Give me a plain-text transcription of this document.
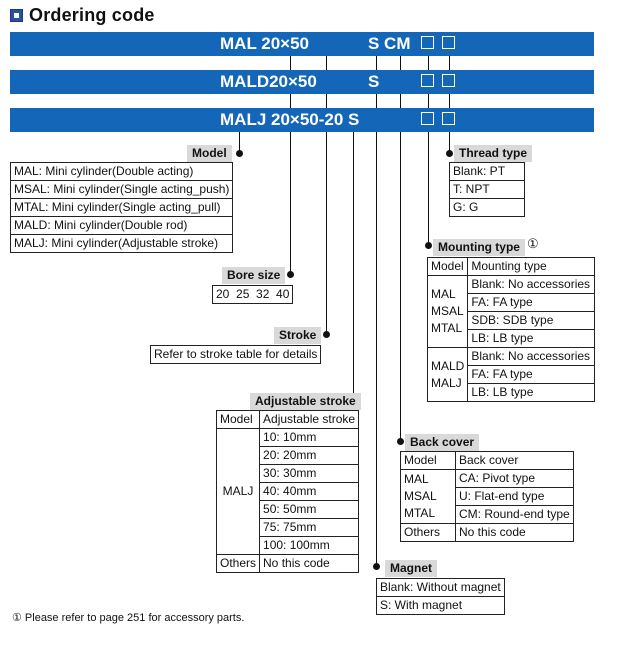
Ordering code
MAL 20×50	S CM
MALD20×50	S
MALJ 20×50-20 S
Model
MAL: Mini cylinder(Double acting)
MSAL: Mini cylinder(Single acting_push)
MTAL: Mini cylinder(Single acting_pull)
MALD: Mini cylinder(Double rod)
MALJ: Mini cylinder(Adjustable stroke)
Bore size
20  25  32  40
Stroke
Refer to stroke table for details
Adjustable stroke
Model	Adjustable stroke
MALJ	10: 10mm
	20: 20mm
	30: 30mm
	40: 40mm
	50: 50mm
	75: 75mm
	100: 100mm
Others	No this code	Magnet
Blank: Without magnet
S: With magnet
Thread type
Blank: PT
T: NPT
G: G
Mounting type ①
Model	Mounting type

MAL
MSAL
MTAL	Blank: No accessories
	FA: FA type
	SDB: SDB type
	LB: LB type

MALD
MALJ	Blank: No accessories
	FA: FA type
	LB: LB type
Back cover
Model	Back cover

MAL
MSAL
MTAL	CA: Pivot type
	U: Flat-end type
	CM: Round-end type
Others	No this code
① Please refer to page 251 for accessory parts.
